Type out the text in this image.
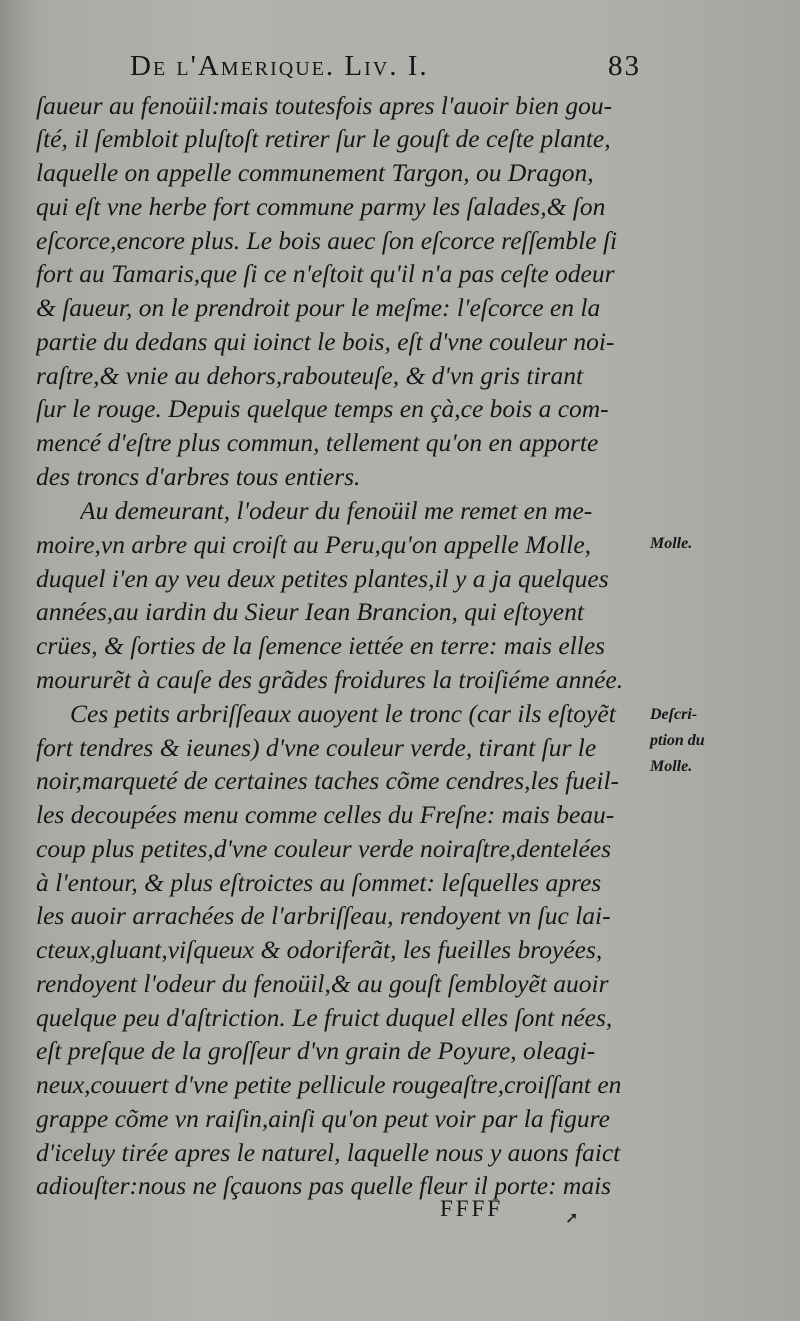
De l'Amerique. Liv. I.	83
ſaueur au fenoüil:mais toutesfois apres l'auoir bien gou-
ſté, il ſembloit pluſtoſt retirer ſur le gouſt de ceſte plante,
laquelle on appelle communement Targon, ou Dragon,
qui eſt vne herbe fort commune parmy les ſalades,& ſon
eſcorce,encore plus. Le bois auec ſon eſcorce reſſemble ſi
fort au Tamaris,que ſi ce n'eſtoit qu'il n'a pas ceſte odeur
& ſaueur, on le prendroit pour le meſme: l'eſcorce en la
partie du dedans qui ioinct le bois, eſt d'vne couleur noi-
raſtre,& vnie au dehors,rabouteuſe, & d'vn gris tirant
ſur le rouge. Depuis quelque temps en çà,ce bois a com-
mencé d'eſtre plus commun, tellement qu'on en apporte
des troncs d'arbres tous entiers.
Au demeurant, l'odeur du fenoüil me remet en me-
moire,vn arbre qui croiſt au Peru,qu'on appelle Molle,
duquel i'en ay veu deux petites plantes,il y a ja quelques
années,au iardin du Sieur Iean Brancion, qui eſtoyent
crües, & ſorties de la ſemence iettée en terre: mais elles
moururẽt à cauſe des grãdes froidures la troiſiéme année.
Ces petits arbriſſeaux auoyent le tronc (car ils eſtoyẽt
fort tendres & ieunes) d'vne couleur verde, tirant ſur le
noir,marqueté de certaines taches cõme cendres,les fueil-
les decoupées menu comme celles du Freſne: mais beau-
coup plus petites,d'vne couleur verde noiraſtre,dentelées
à l'entour, & plus eſtroictes au ſommet: leſquelles apres
les auoir arrachées de l'arbriſſeau, rendoyent vn ſuc lai-
cteux,gluant,viſqueux & odoriferãt, les fueilles broyées,
rendoyent l'odeur du fenoüil,& au gouſt ſembloyẽt auoir
quelque peu d'aſtriction. Le fruict duquel elles ſont nées,
eſt preſque de la groſſeur d'vn grain de Poyure, oleagi-
neux,couuert d'vne petite pellicule rougeaſtre,croiſſant en
grappe cõme vn raiſin,ainſi qu'on peut voir par la figure
d'iceluy tirée apres le naturel, laquelle nous y auons faict
adiouſter:nous ne ſçauons pas quelle fleur il porte: mais
Molle.
Deſcri-
ption du
Molle.
FFFF	➚
